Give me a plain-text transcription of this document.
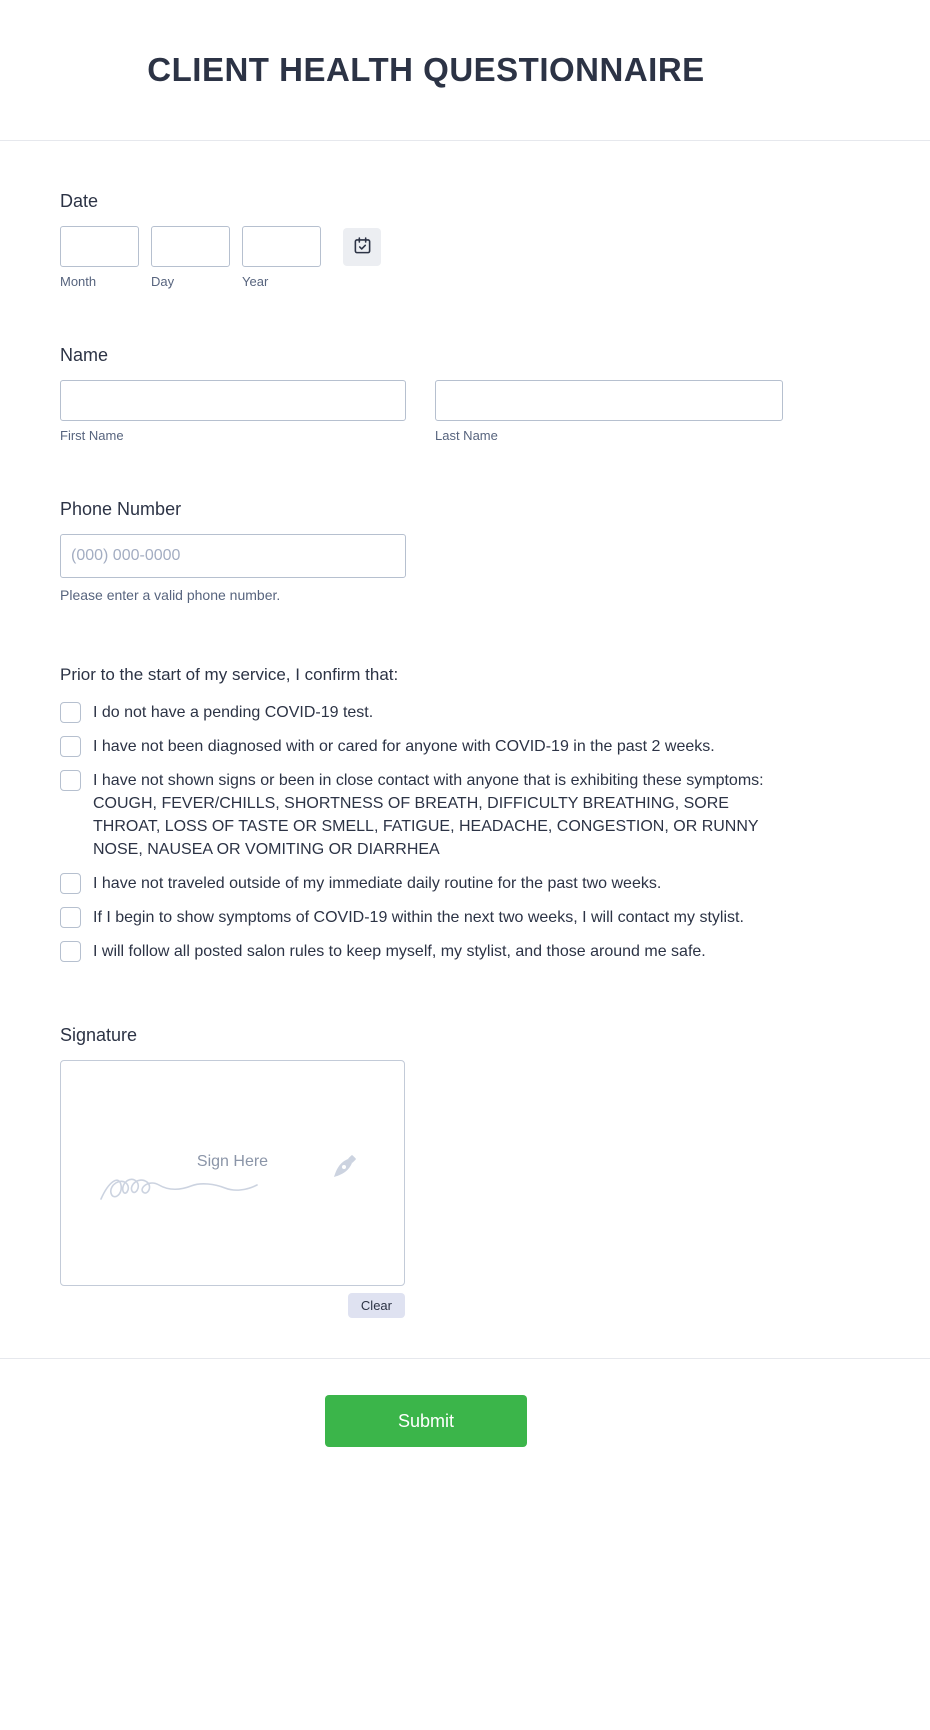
CLIENT HEALTH QUESTIONNAIRE
Date
Month	Day	Year
Name
First Name	Last Name
Phone Number
(000) 000-0000
Please enter a valid phone number.
Prior to the start of my service, I confirm that:
I do not have a pending COVID-19 test.
I have not been diagnosed with or cared for anyone with COVID-19 in the past 2 weeks.
I have not shown signs or been in close contact with anyone that is exhibiting these symptoms: COUGH, FEVER/CHILLS, SHORTNESS OF BREATH, DIFFICULTY BREATHING, SORE THROAT, LOSS OF TASTE OR SMELL, FATIGUE, HEADACHE, CONGESTION, OR RUNNY NOSE, NAUSEA OR VOMITING OR DIARRHEA
I have not traveled outside of my immediate daily routine for the past two weeks.
If I begin to show symptoms of COVID-19 within the next two weeks, I will contact my stylist.
I will follow all posted salon rules to keep myself, my stylist, and those around me safe.
Signature
Sign Here
Clear
Submit
